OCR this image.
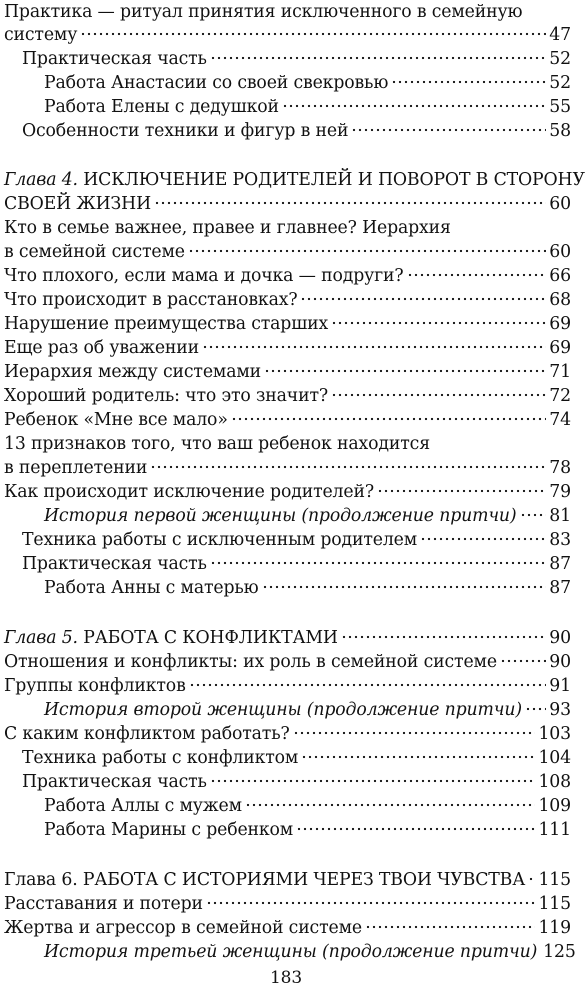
Практика — ритуал принятия исключенного в семейную
систему	47
Практическая часть	52
Работа Анастасии со своей свекровью	52
Работа Елены с дедушкой	55
Особенности техники и фигур в ней	58
Глава 4. ИСКЛЮЧЕНИЕ РОДИТЕЛЕЙ И ПОВОРОТ В СТОРОНУ
СВОЕЙ ЖИЗНИ	60
Кто в семье важнее, правее и главнее? Иерархия
в семейной системе	60
Что плохого, если мама и дочка — подруги?	66
Что происходит в расстановках?	68
Нарушение преимущества старших	69
Еще раз об уважении	69
Иерархия между системами	71
Хороший родитель: что это значит?	72
Ребенок «Мне все мало»	74
13 признаков того, что ваш ребенок находится
в переплетении	78
Как происходит исключение родителей?	79
История первой женщины (продолжение притчи) 81
Техника работы с исключенным родителем	83
Практическая часть	87
Работа Анны с матерью	87
Глава 5. РАБОТА С КОНФЛИКТАМИ	90
Отношения и конфликты: их роль в семейной системе	90
Группы конфликтов	91
История второй женщины (продолжение притчи) 93
С каким конфликтом работать?	103
Техника работы с конфликтом	104
Практическая часть	108
Работа Аллы с мужем	109
Работа Марины с ребенком	111
Глава 6. РАБОТА С ИСТОРИЯМИ ЧЕРЕЗ ТВОИ ЧУВСТВА 115
Расставания и потери	115
Жертва и агрессор в семейной системе	119
История третьей женщины (продолжение притчи) 125
183
